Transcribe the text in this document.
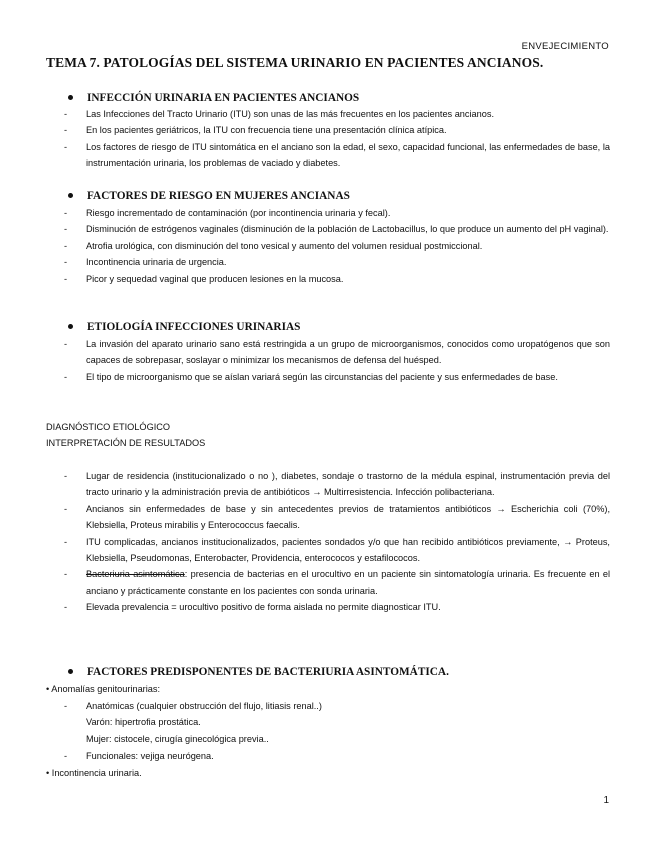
ENVEJECIMIENTO
TEMA 7. PATOLOGÍAS DEL SISTEMA URINARIO EN PACIENTES ANCIANOS.
INFECCIÓN URINARIA EN PACIENTES ANCIANOS
- Las Infecciones del Tracto Urinario (ITU) son unas de las más frecuentes en los pacientes ancianos.
- En los pacientes geriátricos, la ITU con frecuencia tiene una presentación clínica atípica.
- Los factores de riesgo de ITU sintomática en el anciano son la edad, el sexo, capacidad funcional, las enfermedades de base, la instrumentación urinaria, los problemas de vaciado y diabetes.
FACTORES DE RIESGO EN MUJERES ANCIANAS
- Riesgo incrementado de contaminación (por incontinencia urinaria y fecal).
- Disminución de estrógenos vaginales (disminución de la población de Lactobacillus, lo que produce un aumento del pH vaginal).
- Atrofia urológica, con disminución del tono vesical y aumento del volumen residual postmiccional.
- Incontinencia urinaria de urgencia.
- Picor y sequedad vaginal que producen lesiones en la mucosa.
ETIOLOGÍA INFECCIONES URINARIAS
- La invasión del aparato urinario sano está restringida a un grupo de microorganismos, conocidos como uropatógenos que son capaces de sobrepasar, soslayar o minimizar los mecanismos de defensa del huésped.
- El tipo de microorganismo que se aíslan variará según las circunstancias del paciente y sus enfermedades de base.
DIAGNÓSTICO ETIOLÓGICO
INTERPRETACIÓN DE RESULTADOS
- Lugar de residencia (institucionalizado o no ), diabetes, sondaje o trastorno de la médula espinal, instrumentación previa del tracto urinario y la administración previa de antibióticos → Multirresistencia. Infección polibacteriana.
- Ancianos sin enfermedades de base y sin antecedentes previos de tratamientos antibióticos → Escherichia coli (70%), Klebsiella, Proteus mirabilis y Enterococcus faecalis.
- ITU complicadas, ancianos institucionalizados, pacientes sondados y/o que han recibido antibióticos previamente, → Proteus, Klebsiella, Pseudomonas, Enterobacter, Providencia, enterococos y estafilococos.
- Bacteriuria asintomática: presencia de bacterias en el urocultivo en un paciente sin sintomatología urinaria. Es frecuente en el anciano y prácticamente constante en los pacientes con sonda urinaria.
- Elevada prevalencia = urocultivo positivo de forma aislada no permite diagnosticar ITU.
FACTORES PREDISPONENTES DE BACTERIURIA ASINTOMÁTICA.
• Anomalías genitourinarias:
- Anatómicas (cualquier obstrucción del flujo, litiasis renal..)
Varón: hipertrofia prostática.
Mujer: cistocele, cirugía ginecológica previa..
- Funcionales: vejiga neurógena.
• Incontinencia urinaria.
1
